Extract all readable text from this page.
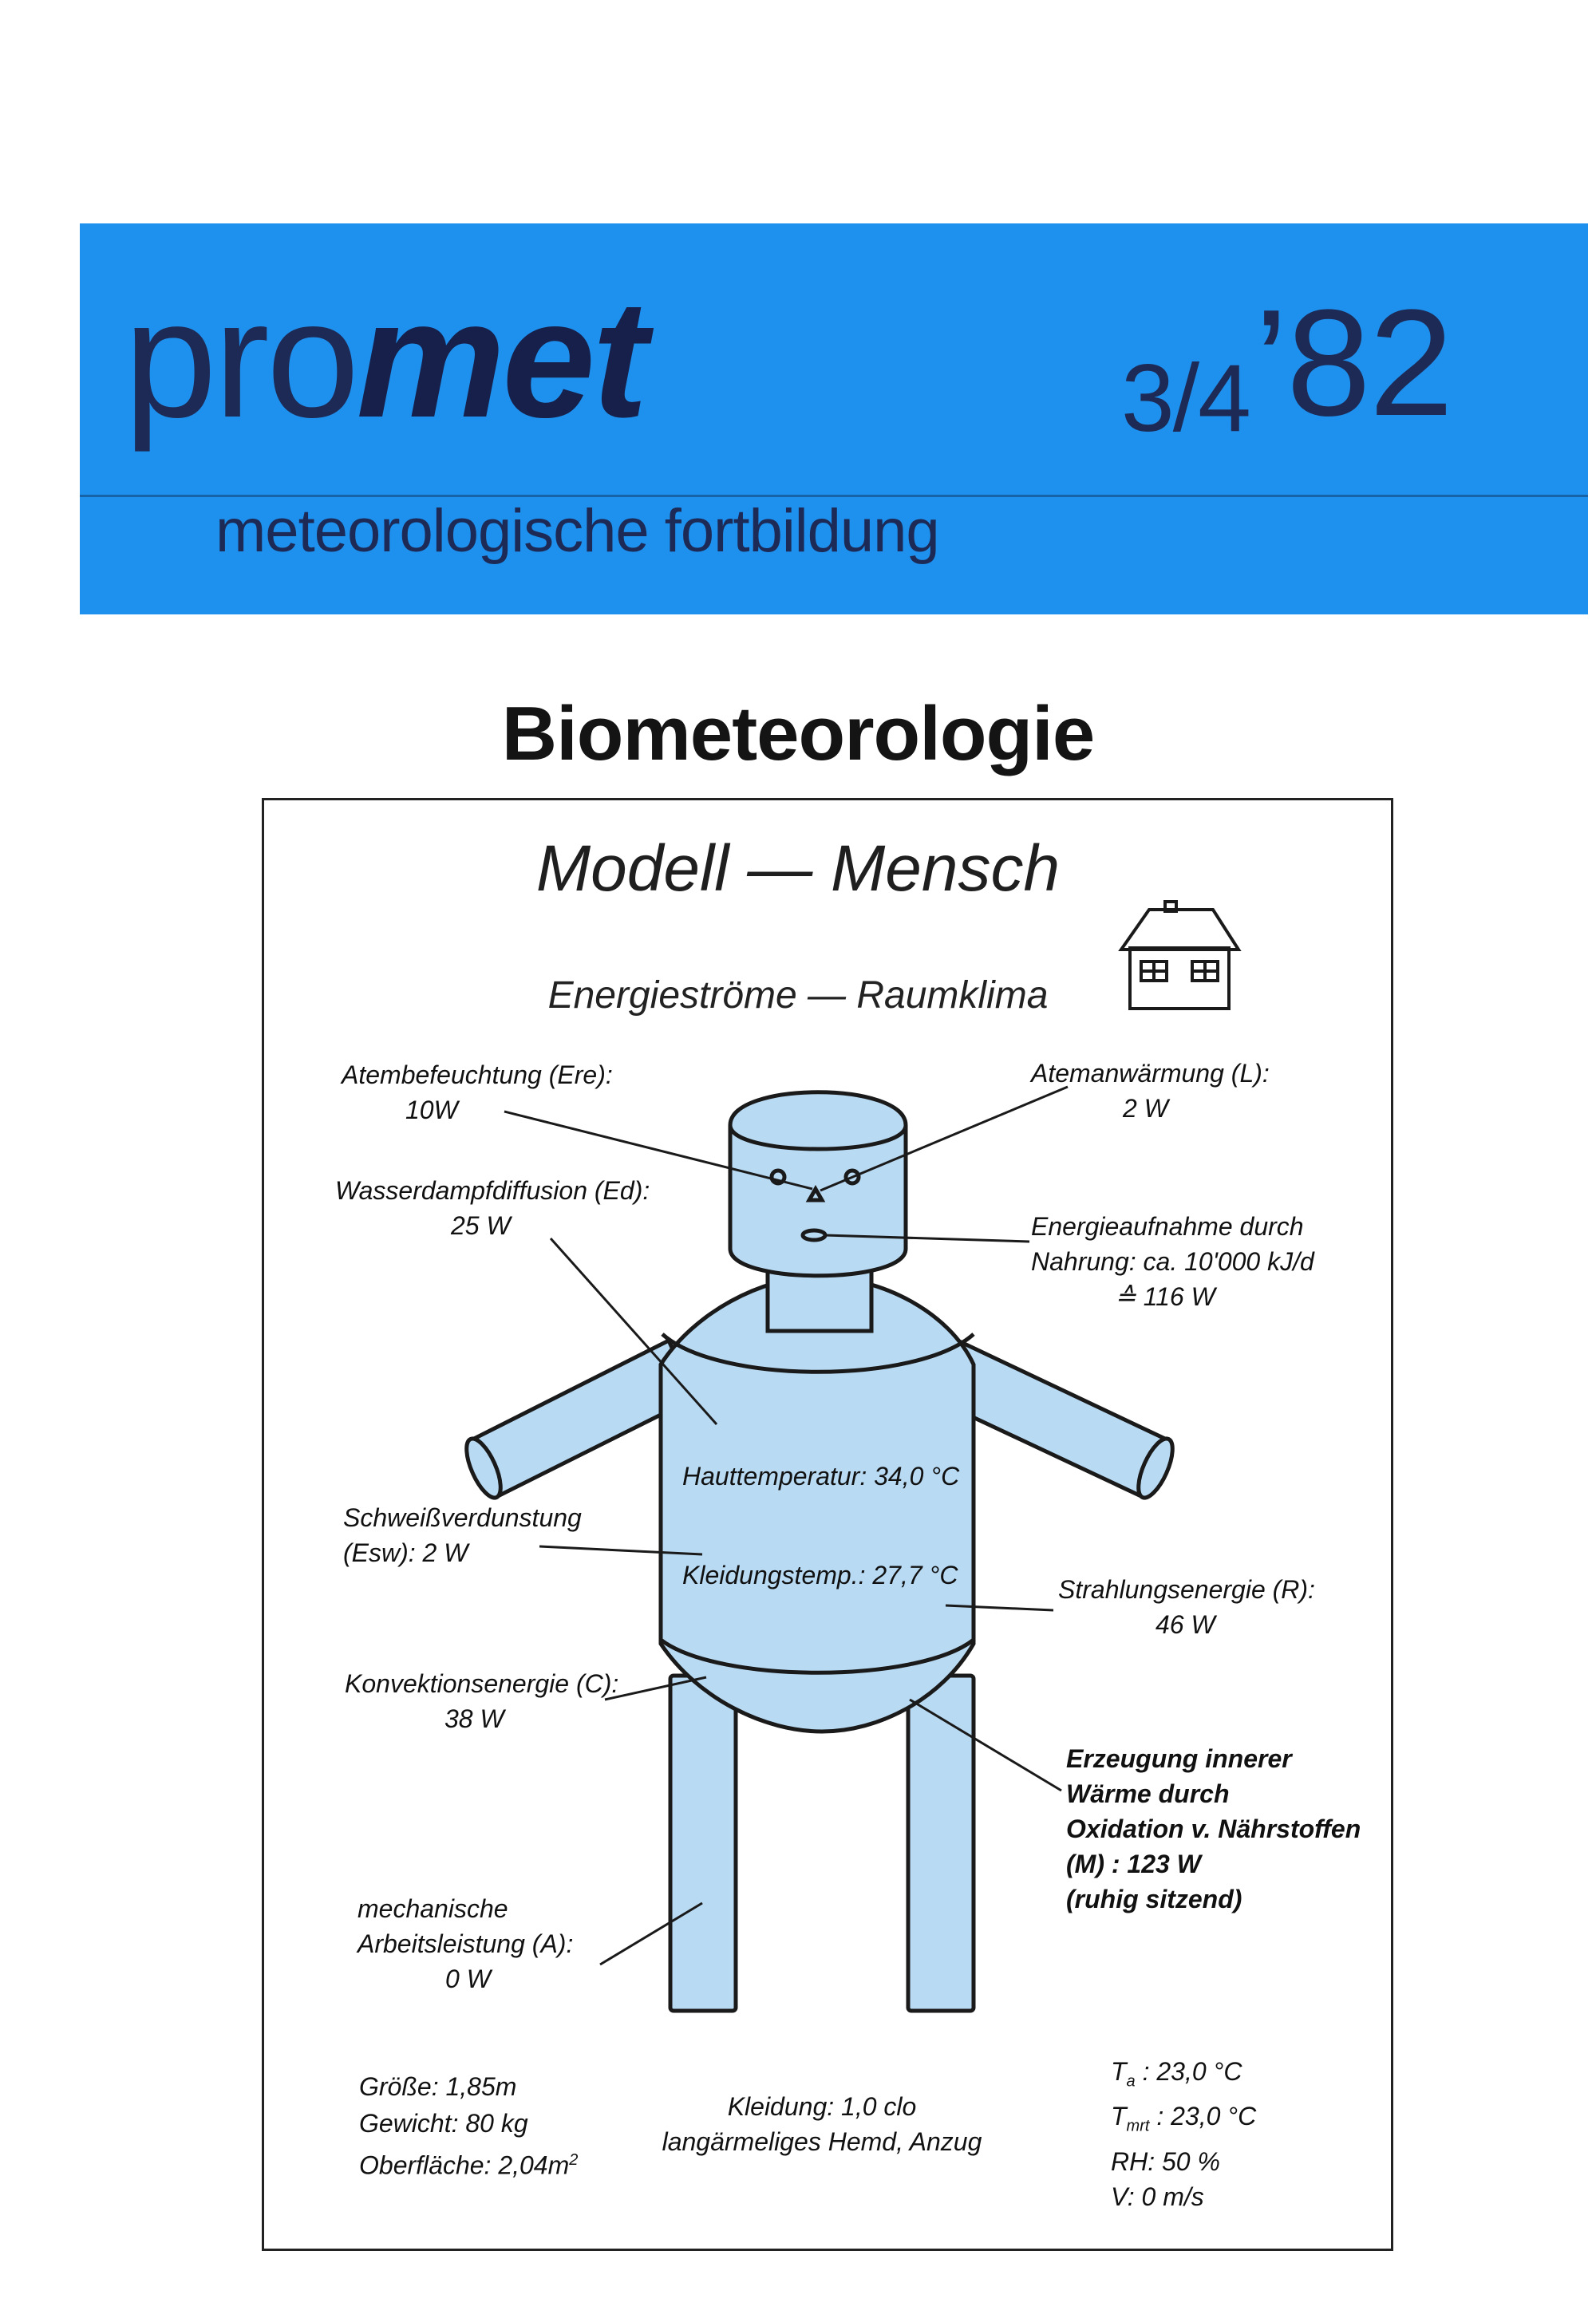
promet	3/4’82
meteorologische fortbildung
Biometeorologie
Modell — Mensch
Energieströme — Raumklima
Atembefeuchtung (Ere):
10W
Wasserdampfdiffusion (Ed):
25 W
Schweißverdunstung
(Esw): 2 W
Konvektionsenergie (C):
38 W
mechanische
Arbeitsleistung (A):
0 W
Atemanwärmung (L):
2 W
Energieaufnahme durch
Nahrung: ca. 10'000 kJ/d
≙ 116 W
Strahlungsenergie (R):
46 W
Erzeugung innerer
Wärme durch
Oxidation v. Nährstoffen
(M) : 123 W
(ruhig sitzend)
Hauttemperatur: 34,0 °C
Kleidungstemp.: 27,7 °C
Größe: 1,85m
Gewicht: 80 kg
Oberfläche: $2,04m^2$
Kleidung: 1,0 clo
langärmeliges Hemd, Anzug
$T_a$ : 23,0 °C
$T_{mrt}$ : 23,0 °C
RH: 50 %
V: 0 m/s
